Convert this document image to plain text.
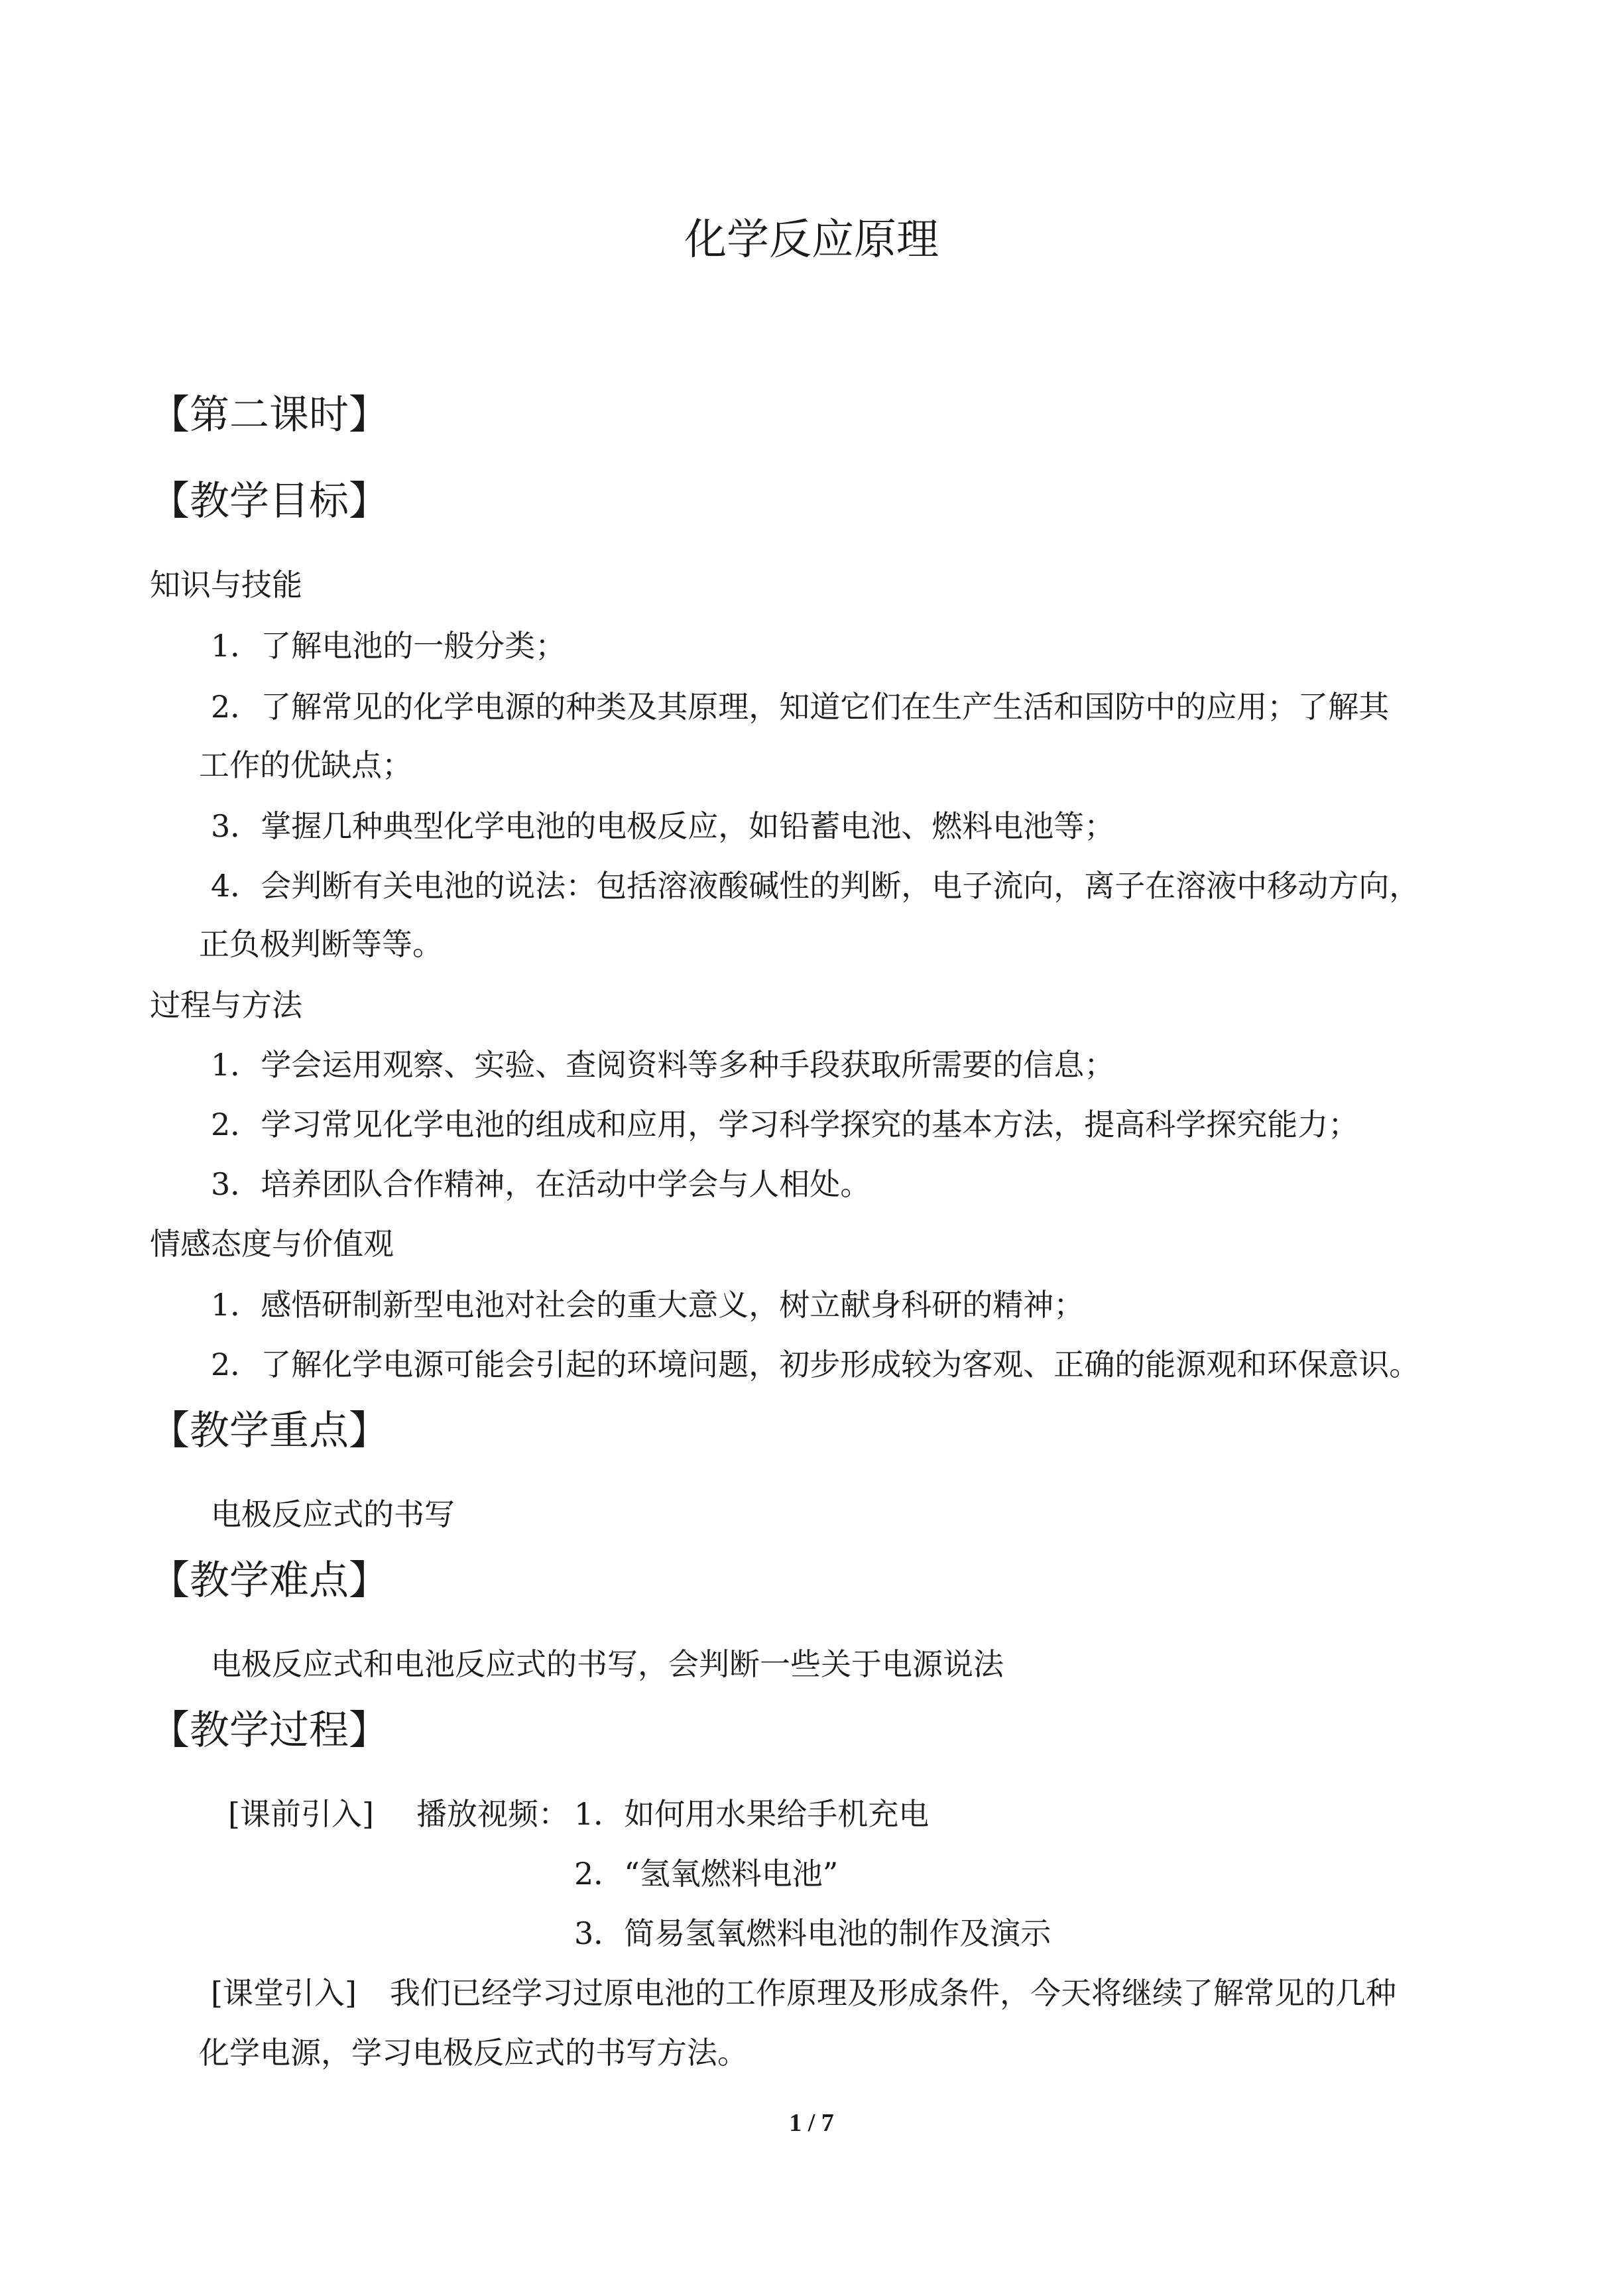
化学反应原理
【第二课时】
【教学目标】
知识与技能
1．了解电池的一般分类；
2．了解常见的化学电源的种类及其原理，知道它们在生产生活和国防中的应用；了解其
工作的优缺点；
3．掌握几种典型化学电池的电极反应，如铅蓄电池、燃料电池等；
4．会判断有关电池的说法：包括溶液酸碱性的判断，电子流向，离子在溶液中移动方向，
正负极判断等等。
过程与方法
1．学会运用观察、实验、查阅资料等多种手段获取所需要的信息；
2．学习常见化学电池的组成和应用，学习科学探究的基本方法，提高科学探究能力；
3．培养团队合作精神，在活动中学会与人相处。
情感态度与价值观
1．感悟研制新型电池对社会的重大意义，树立献身科研的精神；
2．了解化学电源可能会引起的环境问题，初步形成较为客观、正确的能源观和环保意识。
【教学重点】
电极反应式的书写
【教学难点】
电极反应式和电池反应式的书写，会判断一些关于电源说法
【教学过程】
[课前引入] 播放视频： 1．如何用水果给手机充电
2．“氢氧燃料电池”
3．简易氢氧燃料电池的制作及演示
[课堂引入] 我们已经学习过原电池的工作原理及形成条件，今天将继续了解常见的几种
化学电源，学习电极反应式的书写方法。
1 / 7
